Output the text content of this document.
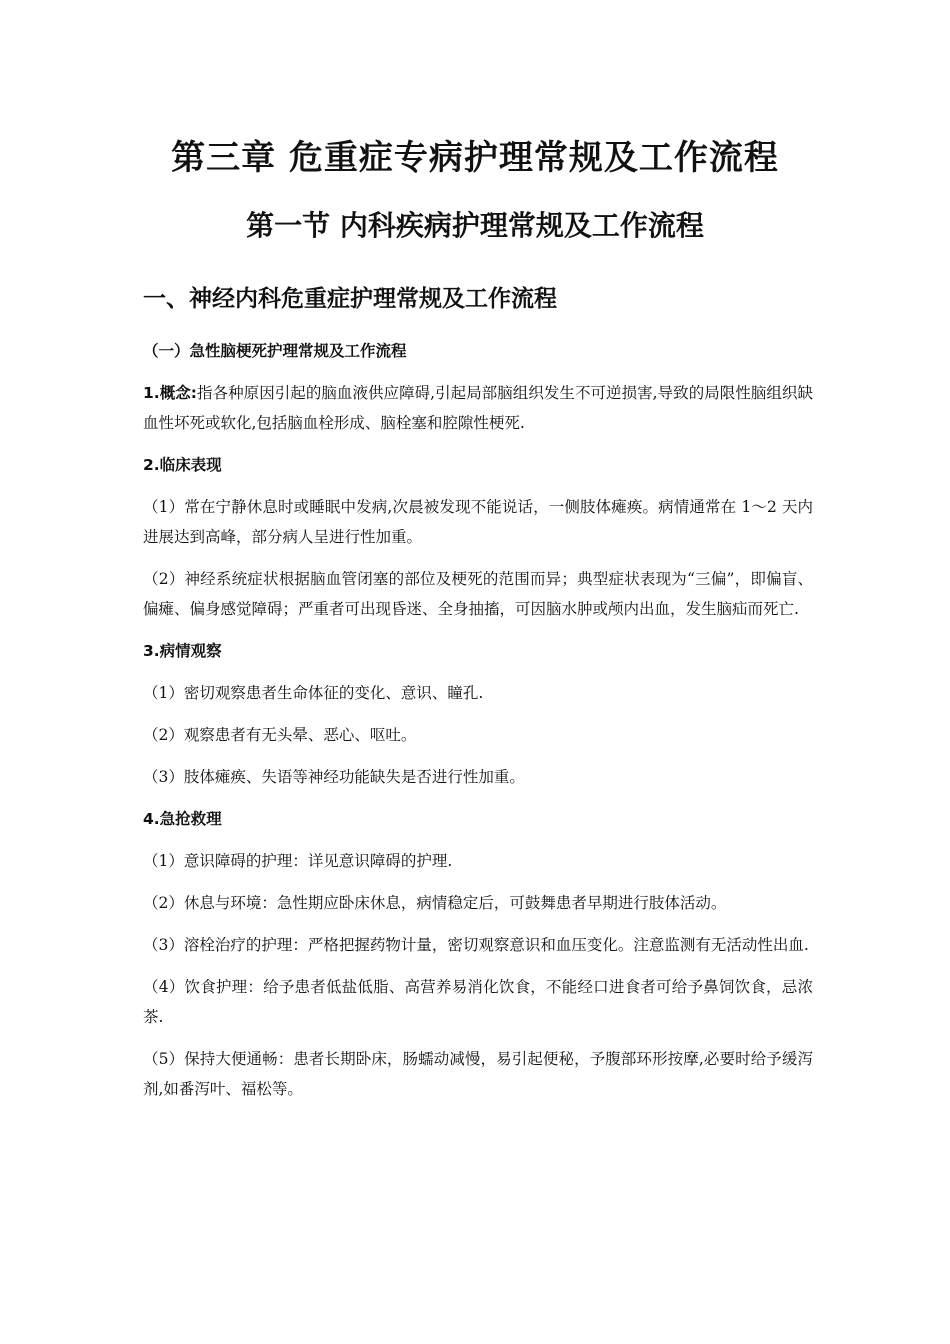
第三章 危重症专病护理常规及工作流程
第一节 内科疾病护理常规及工作流程
一、神经内科危重症护理常规及工作流程
（一）急性脑梗死护理常规及工作流程

1.概念:指各种原因引起的脑血液供应障碍,引起局部脑组织发生不可逆损害,导致的局限性脑组织缺血性坏死或软化,包括脑血栓形成、脑栓塞和腔隙性梗死.

2.临床表现

（1）常在宁静休息时或睡眠中发病,次晨被发现不能说话，一侧肢体瘫痪。病情通常在 1～2 天内进展达到高峰，部分病人呈进行性加重。

（2）神经系统症状根据脑血管闭塞的部位及梗死的范围而异；典型症状表现为“三偏”，即偏盲、偏瘫、偏身感觉障碍；严重者可出现昏迷、全身抽搐，可因脑水肿或颅内出血，发生脑疝而死亡.

3.病情观察

（1）密切观察患者生命体征的变化、意识、瞳孔.

（2）观察患者有无头晕、恶心、呕吐。

（3）肢体瘫痪、失语等神经功能缺失是否进行性加重。

4.急抢救理

（1）意识障碍的护理：详见意识障碍的护理.

（2）休息与环境：急性期应卧床休息，病情稳定后，可鼓舞患者早期进行肢体活动。

（3）溶栓治疗的护理：严格把握药物计量，密切观察意识和血压变化。注意监测有无活动性出血.

（4）饮食护理：给予患者低盐低脂、高营养易消化饮食，不能经口进食者可给予鼻饲饮食，忌浓茶.

（5）保持大便通畅：患者长期卧床，肠蠕动减慢，易引起便秘，予腹部环形按摩,必要时给予缓泻剂,如番泻叶、福松等。
